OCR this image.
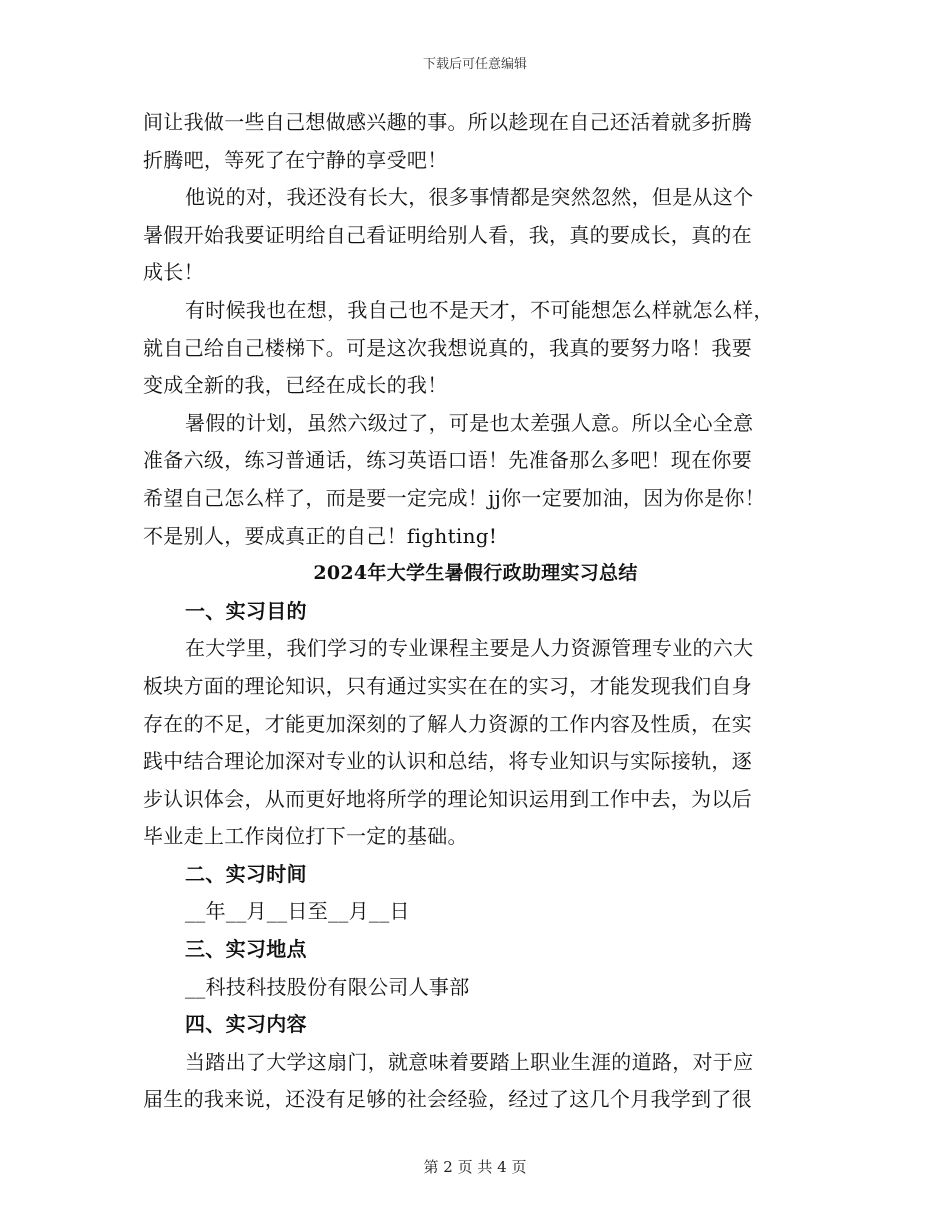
下载后可任意编辑
间让我做一些自己想做感兴趣的事。所以趁现在自己还活着就多折腾
折腾吧，等死了在宁静的享受吧！
他说的对，我还没有长大，很多事情都是突然忽然，但是从这个
暑假开始我要证明给自己看证明给别人看，我，真的要成长，真的在
成长！
有时候我也在想，我自己也不是天才，不可能想怎么样就怎么样，
就自己给自己楼梯下。可是这次我想说真的，我真的要努力咯！我要
变成全新的我，已经在成长的我！
暑假的计划，虽然六级过了，可是也太差强人意。所以全心全意
准备六级，练习普通话，练习英语口语！先准备那么多吧！现在你要
希望自己怎么样了，而是要一定完成！jj你一定要加油，因为你是你！
不是别人，要成真正的自己！fighting!
2024年大学生暑假行政助理实习总结
一、实习目的
在大学里，我们学习的专业课程主要是人力资源管理专业的六大
板块方面的理论知识，只有通过实实在在的实习，才能发现我们自身
存在的不足，才能更加深刻的了解人力资源的工作内容及性质，在实
践中结合理论加深对专业的认识和总结，将专业知识与实际接轨，逐
步认识体会，从而更好地将所学的理论知识运用到工作中去，为以后
毕业走上工作岗位打下一定的基础。
二、实习时间
__年__月__日至__月__日
三、实习地点
__科技科技股份有限公司人事部
四、实习内容
当踏出了大学这扇门，就意味着要踏上职业生涯的道路，对于应
届生的我来说，还没有足够的社会经验，经过了这几个月我学到了很
第 2 页 共 4 页
